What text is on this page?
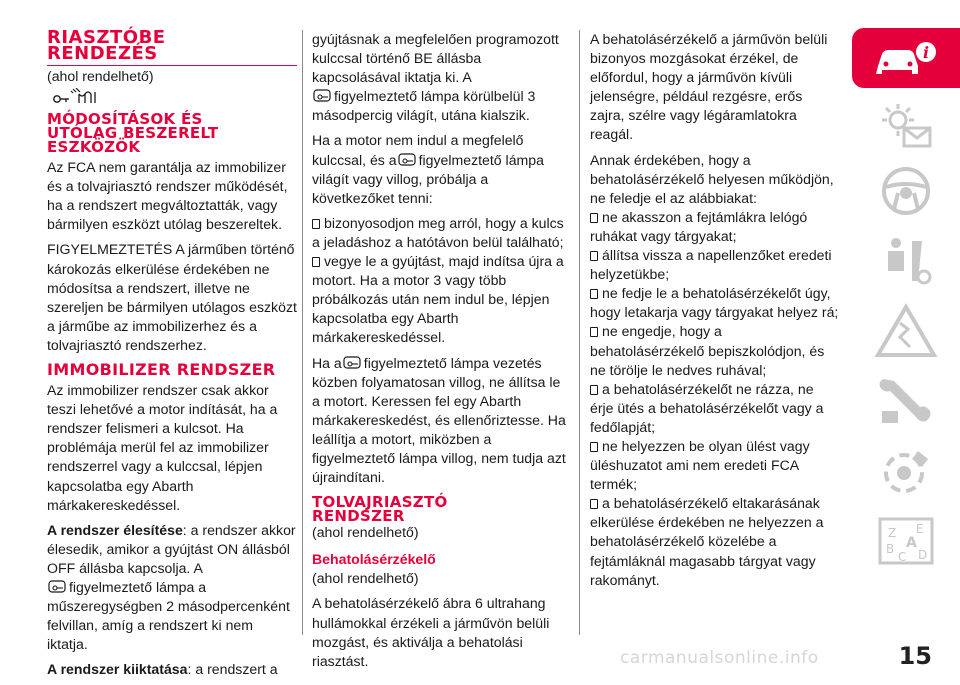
RIASZTÓBE
RENDEZÉS
(ahol rendelhető)
MÓDOSÍTÁSOK ÉS
UTÓLAG BESZERELT
ESZKÖZÖK

Az FCA nem garantálja az immobilizer és a tolvajriasztó rendszer működését, ha a rendszert megváltoztatták, vagy bármilyen eszközt utólag beszereltek.

FIGYELMEZTETÉS A járműben történő károkozás elkerülése érdekében ne módosítsa a rendszert, illetve ne szereljen be bármilyen utólagos eszközt a járműbe az immobilizerhez és a tolvajriasztó rendszerhez.

IMMOBILIZER RENDSZER

Az immobilizer rendszer csak akkor teszi lehetővé a motor indítását, ha a rendszer felismeri a kulcsot. Ha problémája merül fel az immobilizer rendszerrel vagy a kulccsal, lépjen kapcsolatba egy Abarth márkakereskedéssel.

A rendszer élesítése: a rendszer akkor élesedik, amikor a gyújtást ON állásból OFF állásba kapcsolja. A

figyelmeztető lámpa a műszeregységben 2 másodpercenként felvillan, amíg a rendszert ki nem iktatja.

A rendszer kiiktatása: a rendszert a

gyújtásnak a megfelelően programozott kulccsal történő BE állásba kapcsolásával iktatja ki. A
figyelmeztető lámpa körülbelül 3 másodpercig világít, utána kialszik.

Ha a motor nem indul a megfelelő kulccsal, és a figyelmeztető lámpa világít vagy villog, próbálja a következőket tenni:

bizonyosodjon meg arról, hogy a kulcs a jeladáshoz a hatótávon belül található;

vegye le a gyújtást, majd indítsa újra a motort. Ha a motor 3 vagy több próbálkozás után nem indul be, lépjen kapcsolatba egy Abarth márkakereskedéssel.

Ha a figyelmeztető lámpa vezetés közben folyamatosan villog, ne állítsa le a motort. Keressen fel egy Abarth márkakereskedést, és ellenőriztesse. Ha leállítja a motort, miközben a figyelmeztető lámpa villog, nem tudja azt újraindítani.

TOLVAJRIASZTÓ
RENDSZER
(ahol rendelhető)
Behatolásérzékelő
(ahol rendelhető)

A behatolásérzékelő ábra 6 ultrahang hullámokkal érzékeli a járművön belüli mozgást, és aktiválja a behatolási riasztást.

A behatolásérzékelő a járművön belüli bizonyos mozgásokat érzékel, de előfordul, hogy a járművön kívüli jelenségre, például rezgésre, erős zajra, szélre vagy légáramlatokra reagál.

Annak érdekében, hogy a behatolásérzékelő helyesen működjön, ne feledje el az alábbiakat:

ne akasszon a fejtámlákra lelógó ruhákat vagy tárgyakat;

állítsa vissza a napellenzőket eredeti helyzetükbe;

ne fedje le a behatolásérzékelőt úgy, hogy letakarja vagy tárgyakat helyez rá;

ne engedje, hogy a behatolásérzékelő bepiszkolódjon, és ne törölje le nedves ruhával;

a behatolásérzékelőt ne rázza, ne érje ütés a behatolásérzékelőt vagy a fedőlapját;

ne helyezzen be olyan ülést vagy üléshuzatot ami nem eredeti FCA termék;

a behatolásérzékelő eltakarásának elkerülése érdekében ne helyezzen a behatolásérzékelő közelébe a fejtámláknál magasabb tárgyat vagy rakományt.

i
Z E
A
B
C D
carmanualsonline.info	15
